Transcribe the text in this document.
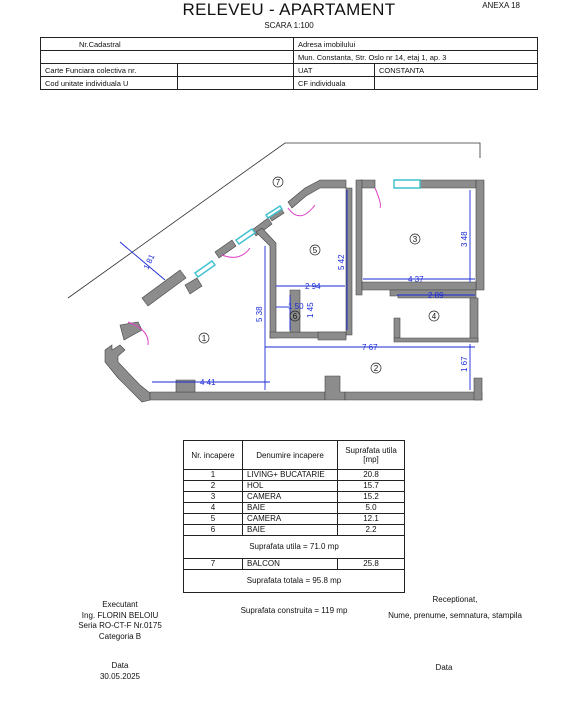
RELEVEU - APARTAMENT
SCARA 1:100
ANEXA 18
Nr.Cadastral		Adresa imobilului	
		Mun. Constanta, Str. Oslo nr 14, etaj 1, ap. 3	
Carte Funciara colectiva nr.		UAT	CONSTANTA
Cod unitate individuala U		CF individuala	
1 81
5 38
4 41
2 94
5 42
1 50 1 45
3 48
4 37
2 89
7 67
1 67
1
2
3
4
5
6
7
Nr. incapere	Denumire incapere	Suprafata utila [mp]
1	LIVING+ BUCATARIE	20.8
2	HOL	15.7
3	CAMERA	15.2
4	BAIE	5.0
5	CAMERA	12.1
6	BAIE	2.2
Suprafata utila = 71.0 mp		
7	BALCON	25.8
Suprafata totala = 95.8 mp		
Suprafata construita = 119 mp
Executant
Ing. FLORIN BELOIU
Seria RO-CT-F Nr.0175
Categoria B
Receptionat,
Nume, prenume, semnatura, stampila
Data
30.05.2025
Data
